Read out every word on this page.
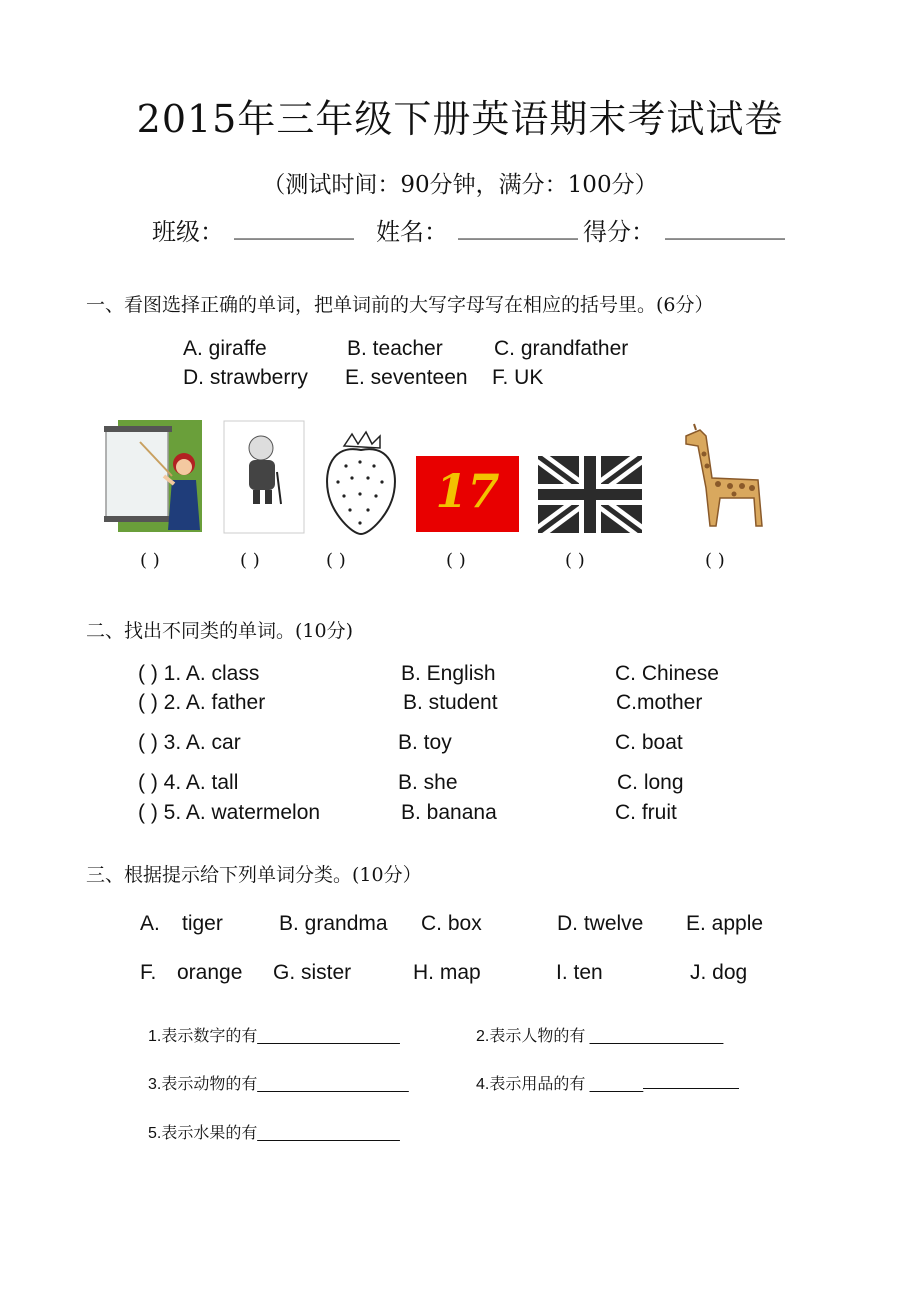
2015年三年级下册英语期末考试试卷
（测试时间：90分钟，满分：100分）
班级： __________ 姓名： __________ 得分： __________
一、看图选择正确的单词，把单词前的大写字母写在相应的括号里。(6分）
A. giraffe	B. teacher C. grandfather
D. strawberry E. seventeen F. UK
17
( )	( )	( )	( )	( )	( )
二、找出不同类的单词。(10分)
( ) 1. A. class	B. English	C. Chinese
( ) 2. A. father	B. student	C.mother
( ) 3. A. car	B. toy	C. boat
( ) 4. A. tall	B. she	C. long
( ) 5. A. watermelon	B. banana	C. fruit
三、根据提示给下列单词分类。(10分）
A. tiger	B. grandma C. box	D. twelve E. apple
F. orange G. sister	H. map	I. ten	J. dog
1.表示数字的有________________	2.表示人物的有 _______________
3.表示动物的有_________________	4.表示用品的有 ______
5.表示水果的有________________
